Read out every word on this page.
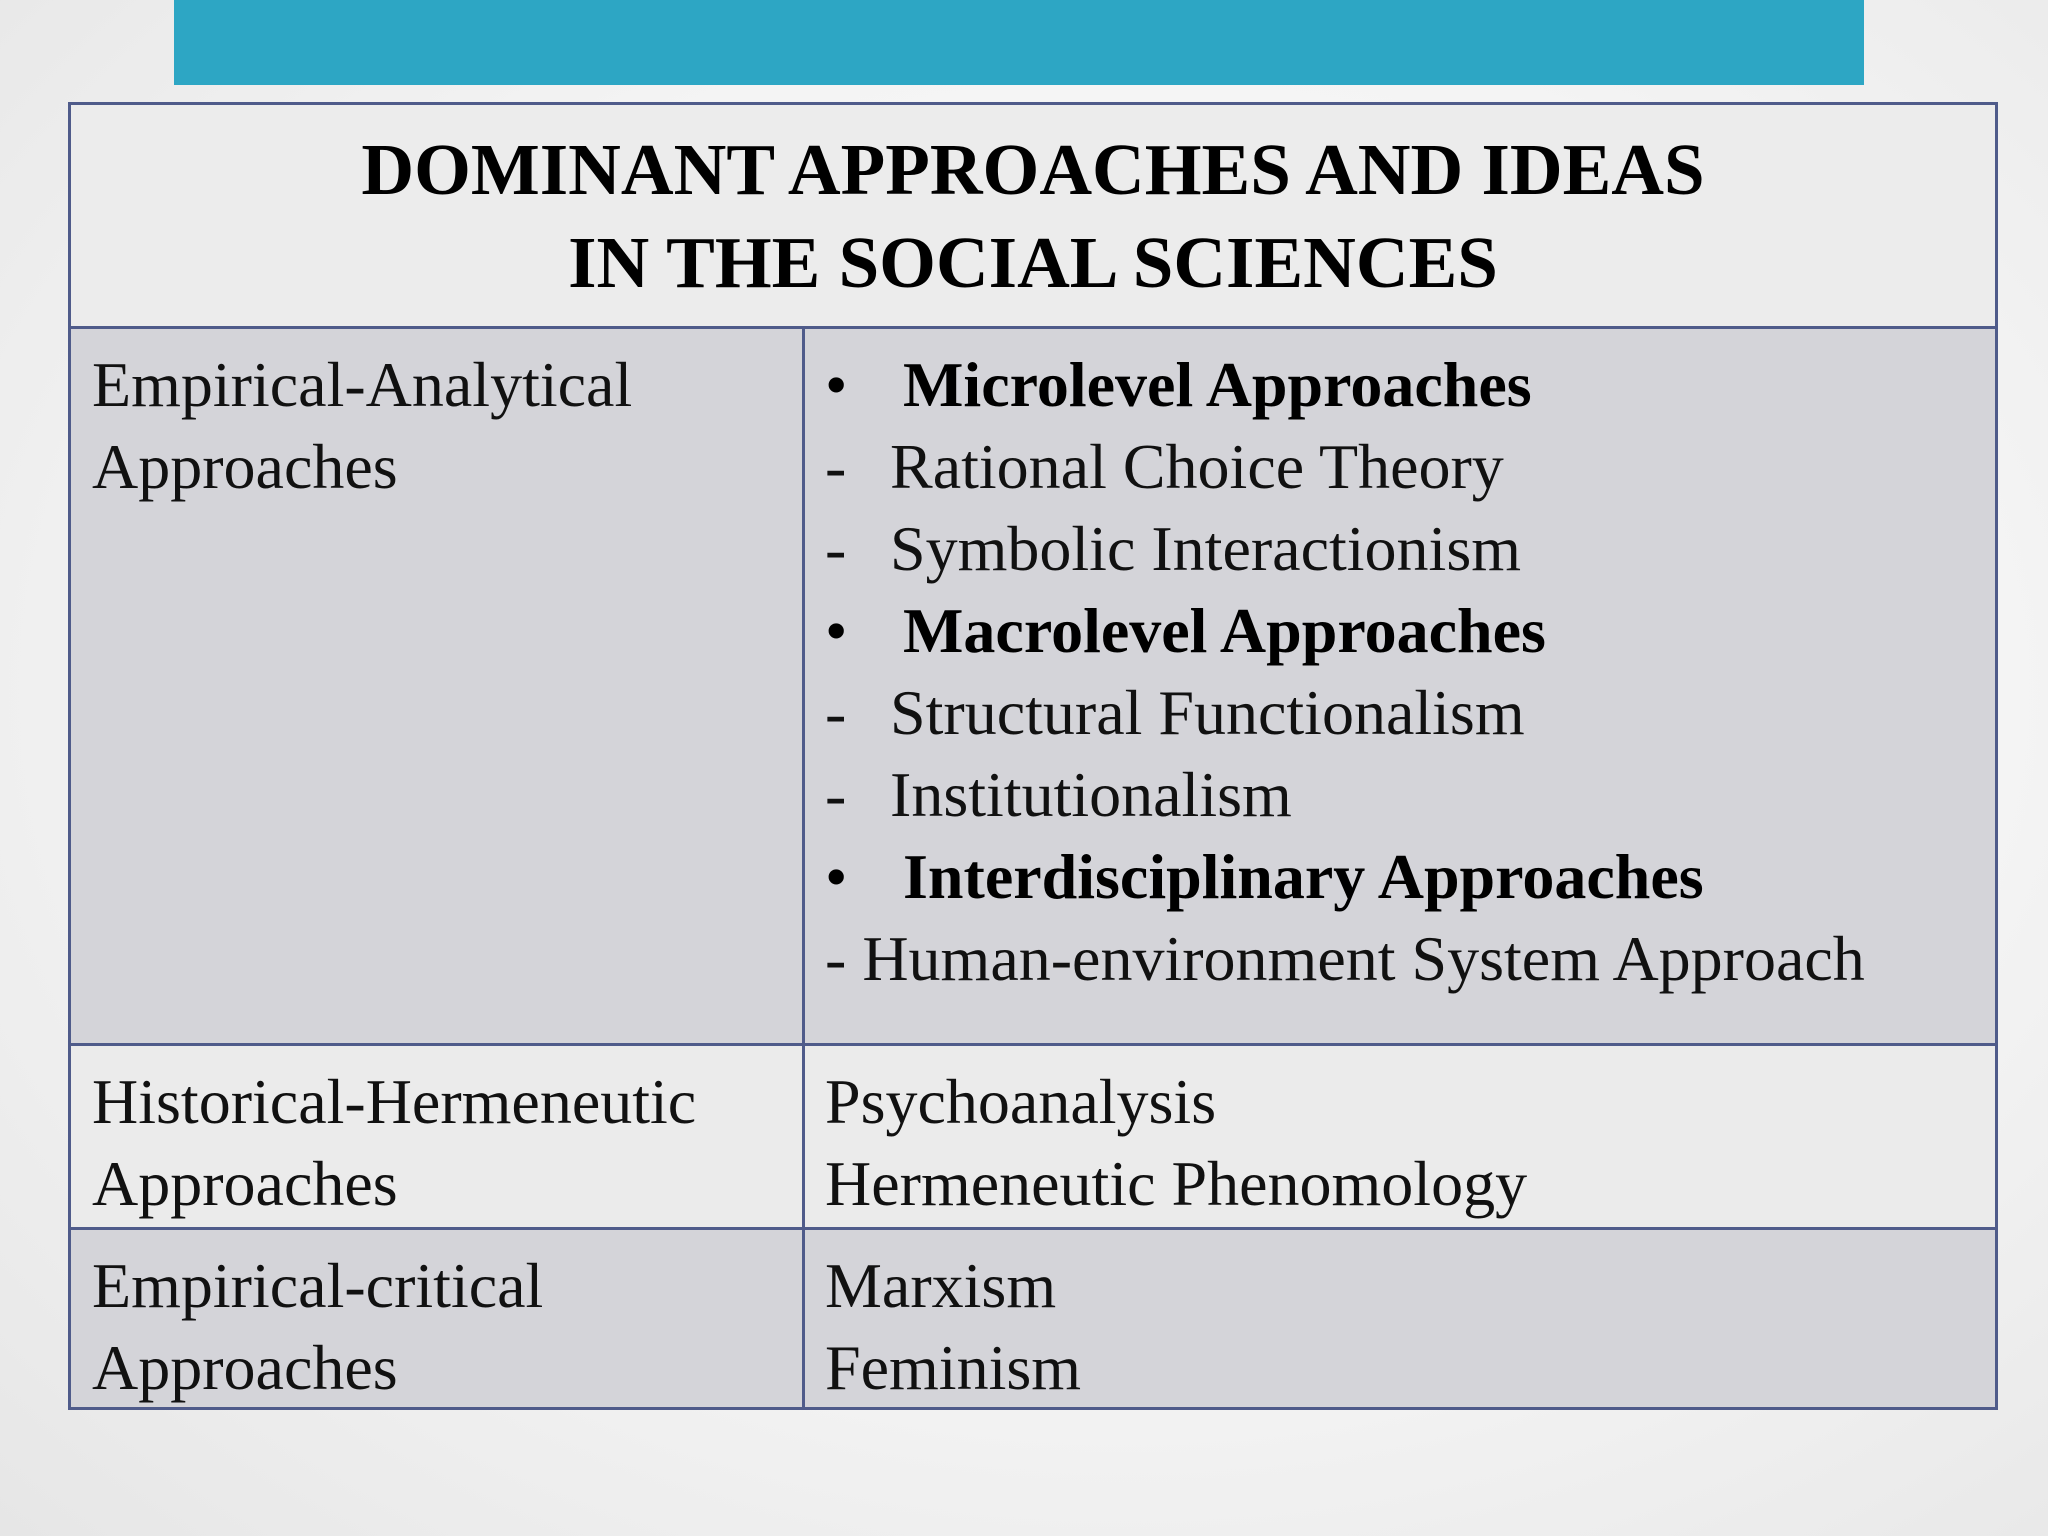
DOMINANT APPROACHES AND IDEAS
IN THE SOCIAL SCIENCES
Empirical-Analytical
Approaches
• Microlevel Approaches
- Rational Choice Theory
- Symbolic Interactionism
• Macrolevel Approaches
- Structural Functionalism
- Institutionalism
• Interdisciplinary Approaches
- Human-environment System Approach
Historical-Hermeneutic
Approaches
Psychoanalysis
Hermeneutic Phenomology
Empirical-critical
Approaches
Marxism
Feminism
